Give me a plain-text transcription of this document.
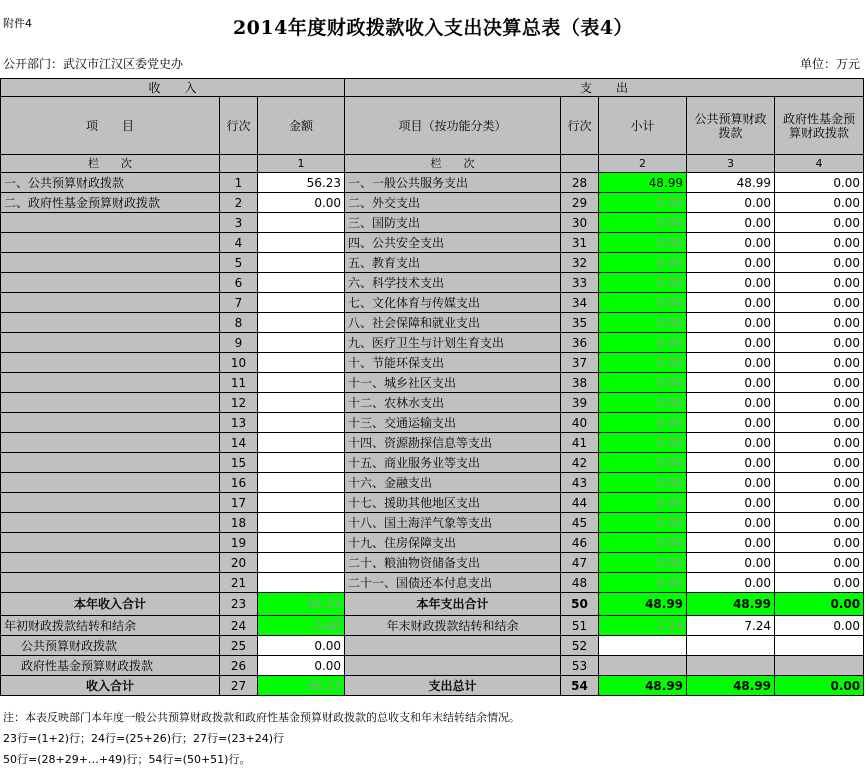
附件4	2014年度财政拨款收入支出决算总表（表4）
公开部门：武汉市江汉区委党史办	单位：万元
收　　入			支　　出				
项　　目	行次	金额	项目（按功能分类）	行次	小计	公共预算财政拨款	政府性基金预算财政拨款
栏　　次		1	栏　　次		2	3	4
一、公共预算财政拨款	1	56.23	一、一般公共服务支出	28	48.99	48.99	0.00
二、政府性基金预算财政拨款	2	0.00	二、外交支出	29	0.00	0.00	0.00
	3		三、国防支出	30	0.00	0.00	0.00
	4		四、公共安全支出	31	0.00	0.00	0.00
	5		五、教育支出	32	0.00	0.00	0.00
	6		六、科学技术支出	33	0.00	0.00	0.00
	7		七、文化体育与传媒支出	34	0.00	0.00	0.00
	8		八、社会保障和就业支出	35	0.00	0.00	0.00
	9		九、医疗卫生与计划生育支出	36	0.00	0.00	0.00
	10		十、节能环保支出	37	0.00	0.00	0.00
	11		十一、城乡社区支出	38	0.00	0.00	0.00
	12		十二、农林水支出	39	0.00	0.00	0.00
	13		十三、交通运输支出	40	0.00	0.00	0.00
	14		十四、资源勘探信息等支出	41	0.00	0.00	0.00
	15		十五、商业服务业等支出	42	0.00	0.00	0.00
	16		十六、金融支出	43	0.00	0.00	0.00
	17		十七、援助其他地区支出	44	0.00	0.00	0.00
	18		十八、国土海洋气象等支出	45	0.00	0.00	0.00
	19		十九、住房保障支出	46	0.00	0.00	0.00
	20		二十、粮油物资储备支出	47	0.00	0.00	0.00
	21		二十一、国债还本付息支出	48	0.00	0.00	0.00
本年收入合计	23	56.23	本年支出合计	50	48.99	48.99	0.00
年初财政拨款结转和结余	24	0.00	年末财政拨款结转和结余	51	7.24	7.24	0.00
公共预算财政拨款	25	0.00		52			
政府性基金预算财政拨款	26	0.00		53			
收入合计	27	56.23	支出总计	54	48.99	48.99	0.00
注：本表反映部门本年度一般公共预算财政拨款和政府性基金预算财政拨款的总收支和年末结转结余情况。
23行=(1+2)行；24行=(25+26)行；27行=(23+24)行
50行=(28+29+…+49)行；54行=(50+51)行。
